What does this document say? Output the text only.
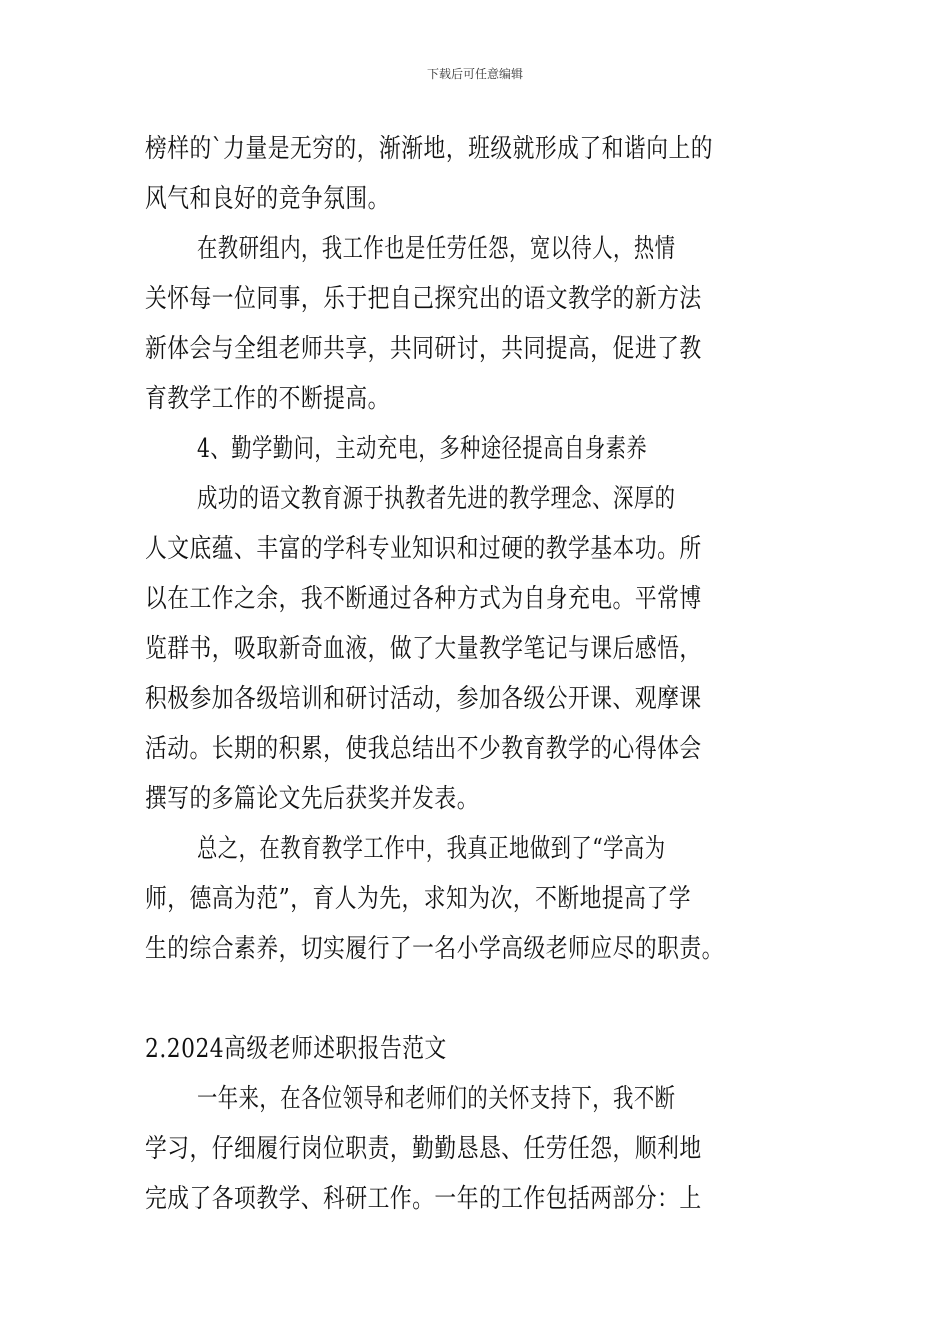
下载后可任意编辑
榜样的`力量是无穷的，渐渐地，班级就形成了和谐向上的
风气和良好的竞争氛围。
在教研组内，我工作也是任劳任怨，宽以待人，热情
关怀每一位同事，乐于把自己探究出的语文教学的新方法
新体会与全组老师共享，共同研讨，共同提高，促进了教
育教学工作的不断提高。
4、勤学勤问，主动充电，多种途径提高自身素养
成功的语文教育源于执教者先进的教学理念、深厚的
人文底蕴、丰富的学科专业知识和过硬的教学基本功。所
以在工作之余，我不断通过各种方式为自身充电。平常博
览群书，吸取新奇血液，做了大量教学笔记与课后感悟，
积极参加各级培训和研讨活动，参加各级公开课、观摩课
活动。长期的积累，使我总结出不少教育教学的心得体会
撰写的多篇论文先后获奖并发表。
总之，在教育教学工作中，我真正地做到了“学高为
师，德高为范”，育人为先，求知为次，不断地提高了学
生的综合素养，切实履行了一名小学高级老师应尽的职责。
2.2024高级老师述职报告范文
一年来，在各位领导和老师们的关怀支持下，我不断
学习，仔细履行岗位职责，勤勤恳恳、任劳任怨，顺利地
完成了各项教学、科研工作。一年的工作包括两部分：上
